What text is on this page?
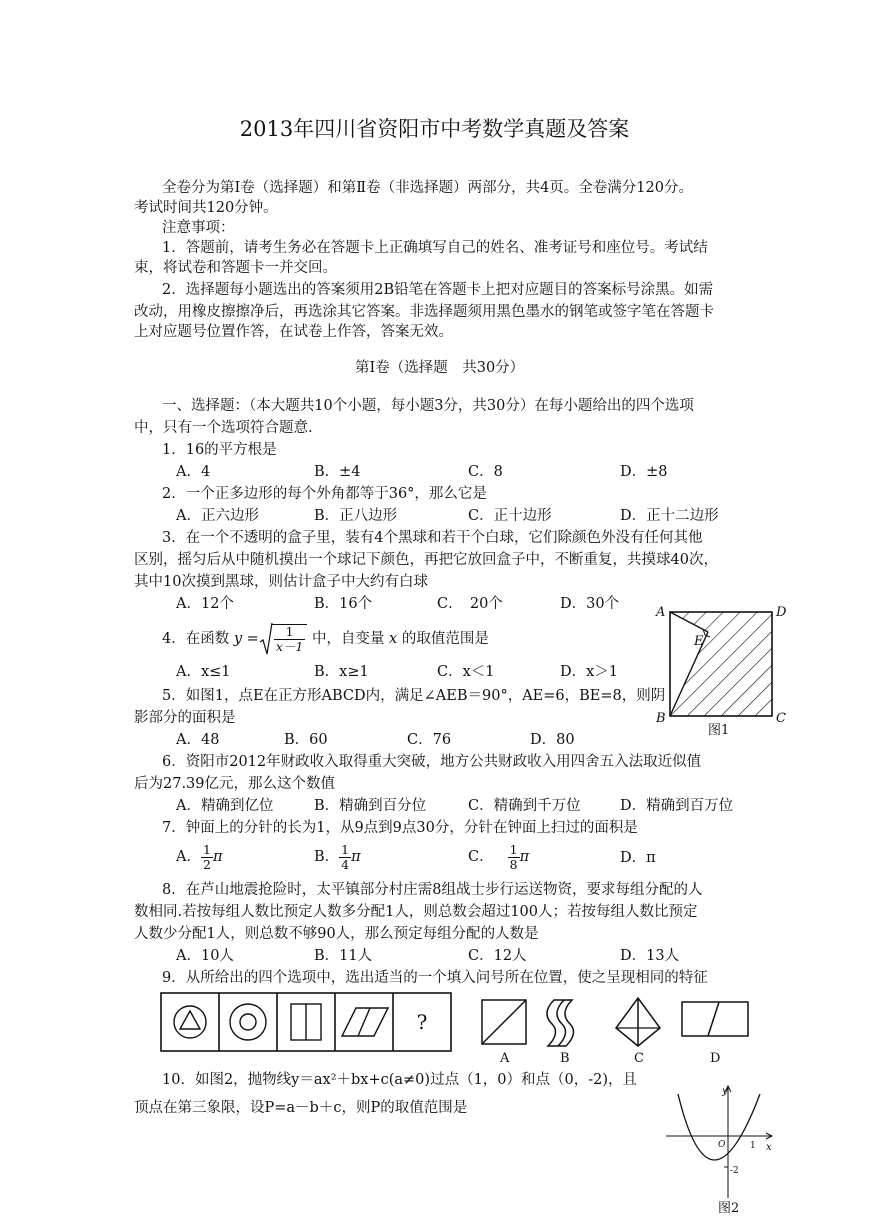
2013年四川省资阳市中考数学真题及答案
全卷分为第Ⅰ卷（选择题）和第Ⅱ卷（非选择题）两部分，共4页。全卷满分120分。
考试时间共120分钟。
注意事项：
1．答题前，请考生务必在答题卡上正确填写自己的姓名、准考证号和座位号。考试结
束，将试卷和答题卡一并交回。
2．选择题每小题选出的答案须用2B铅笔在答题卡上把对应题目的答案标号涂黑。如需
改动，用橡皮擦擦净后，再选涂其它答案。非选择题须用黑色墨水的钢笔或签字笔在答题卡
上对应题号位置作答，在试卷上作答，答案无效。
第Ⅰ卷（选择题　共30分）
一、选择题：（本大题共10个小题，每小题3分，共30分）在每小题给出的四个选项
中，只有一个选项符合题意.
1．16的平方根是
A．4	B．±4	C．8	D．±8
2．一个正多边形的每个外角都等于36°，那么它是
A．正六边形	B．正八边形	C．正十边形	D．正十二边形
3．在一个不透明的盒子里，装有4个黑球和若干个白球，它们除颜色外没有任何其他
区别，摇匀后从中随机摸出一个球记下颜色，再把它放回盒子中，不断重复，共摸球40次，
其中10次摸到黑球，则估计盒子中大约有白球
A．12个	B．16个	C．　20个	D．30个
4．在函数 $y = \frac{1}{x-1}$ 中，自变量 x 的取值范围是
A．x≤1	B．x≥1	C．x＜1	D．x＞1
5．如图1，点E在正方形ABCD内，满足∠AEB＝90°，AE=6，BE=8，则阴
影部分的面积是
A．48	B．60	C．76	D．80
6．资阳市2012年财政收入取得重大突破，地方公共财政收入用四舍五入法取近似值
后为27.39亿元，那么这个数值
A．精确到亿位	B．精确到百分位	C．精确到千万位	D．精确到百万位
7．钟面上的分针的长为1，从9点到9点30分，分针在钟面上扫过的面积是
A． $\frac{1}{2}$ π	B． $\frac{1}{4}$ π	C． $\frac{1}{8}$ π	D．π
8．在芦山地震抢险时，太平镇部分村庄需8组战士步行运送物资，要求每组分配的人
数相同.若按每组人数比预定人数多分配1人，则总数会超过100人；若按每组人数比预定
人数少分配1人，则总数不够90人，那么预定每组分配的人数是
A．10人	B．11人	C．12人	D．13人
9．从所给出的四个选项中，选出适当的一个填入问号所在位置，使之呈现相同的特征
?
A	B	C	D
10．如图2，抛物线y＝ax²＋bx+c(a≠0)过点（1，0）和点（0，-2)，且
顶点在第三象限，设P=a－b＋c，则P的取值范围是
A	D
B	C
E
图1
y
x
O	1
-2
图2
